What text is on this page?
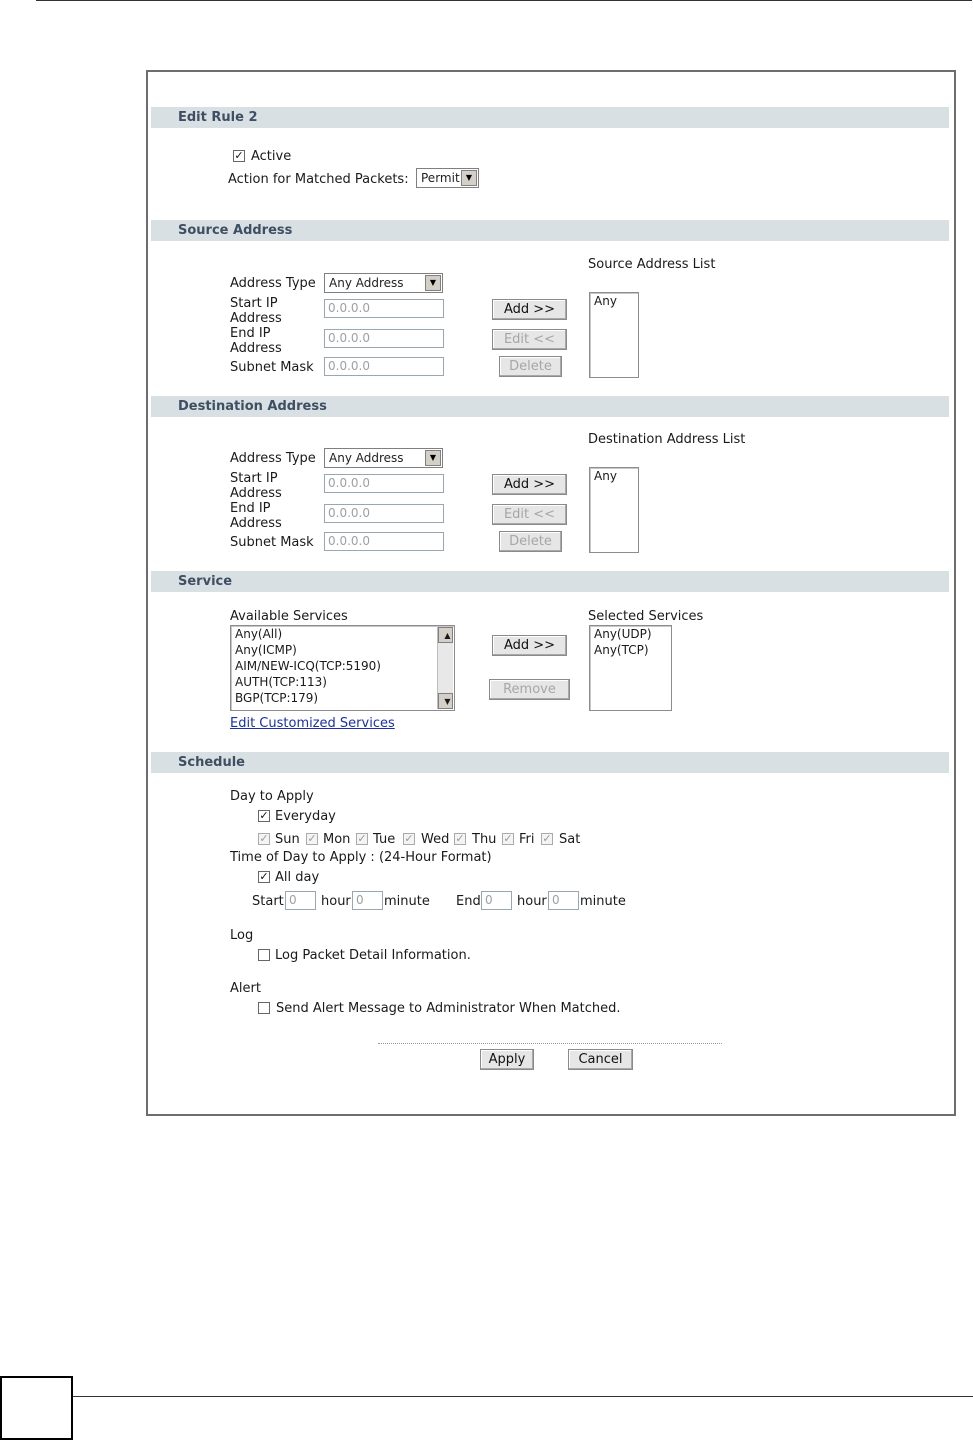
Edit Rule 2
✓ Active
Action for Matched Packets:	Permit ▼
Source Address
Source Address List
Address Type	Any Address	▼
Start IP Address
0.0.0.0
End IP Address
0.0.0.0
Subnet Mask	0.0.0.0
Add >>
Edit <<
Delete
Any
Destination Address
Destination Address List
Address Type	Any Address	▼
Start IP Address
0.0.0.0
End IP Address
0.0.0.0
Subnet Mask	0.0.0.0
Add >>
Edit <<
Delete
Any
Service
Available Services	Selected Services
Any(All)
Any(ICMP)
AIM/NEW-ICQ(TCP:5190)
AUTH(TCP:113)
BGP(TCP:179)
▲
▼
Add >>
Remove
Any(UDP)
Any(TCP)
Edit Customized Services
Schedule
Day to Apply
✓ Everyday
✓ Sun ✓ Mon ✓ Tue ✓ Wed ✓ Thu ✓ Fri ✓ Sat
Time of Day to Apply : (24-Hour Format)
✓ All day
Start 0	hour 0	minute End 0	hour 0	minute
Log
Log Packet Detail Information.
Alert
Send Alert Message to Administrator When Matched.
Apply	Cancel
